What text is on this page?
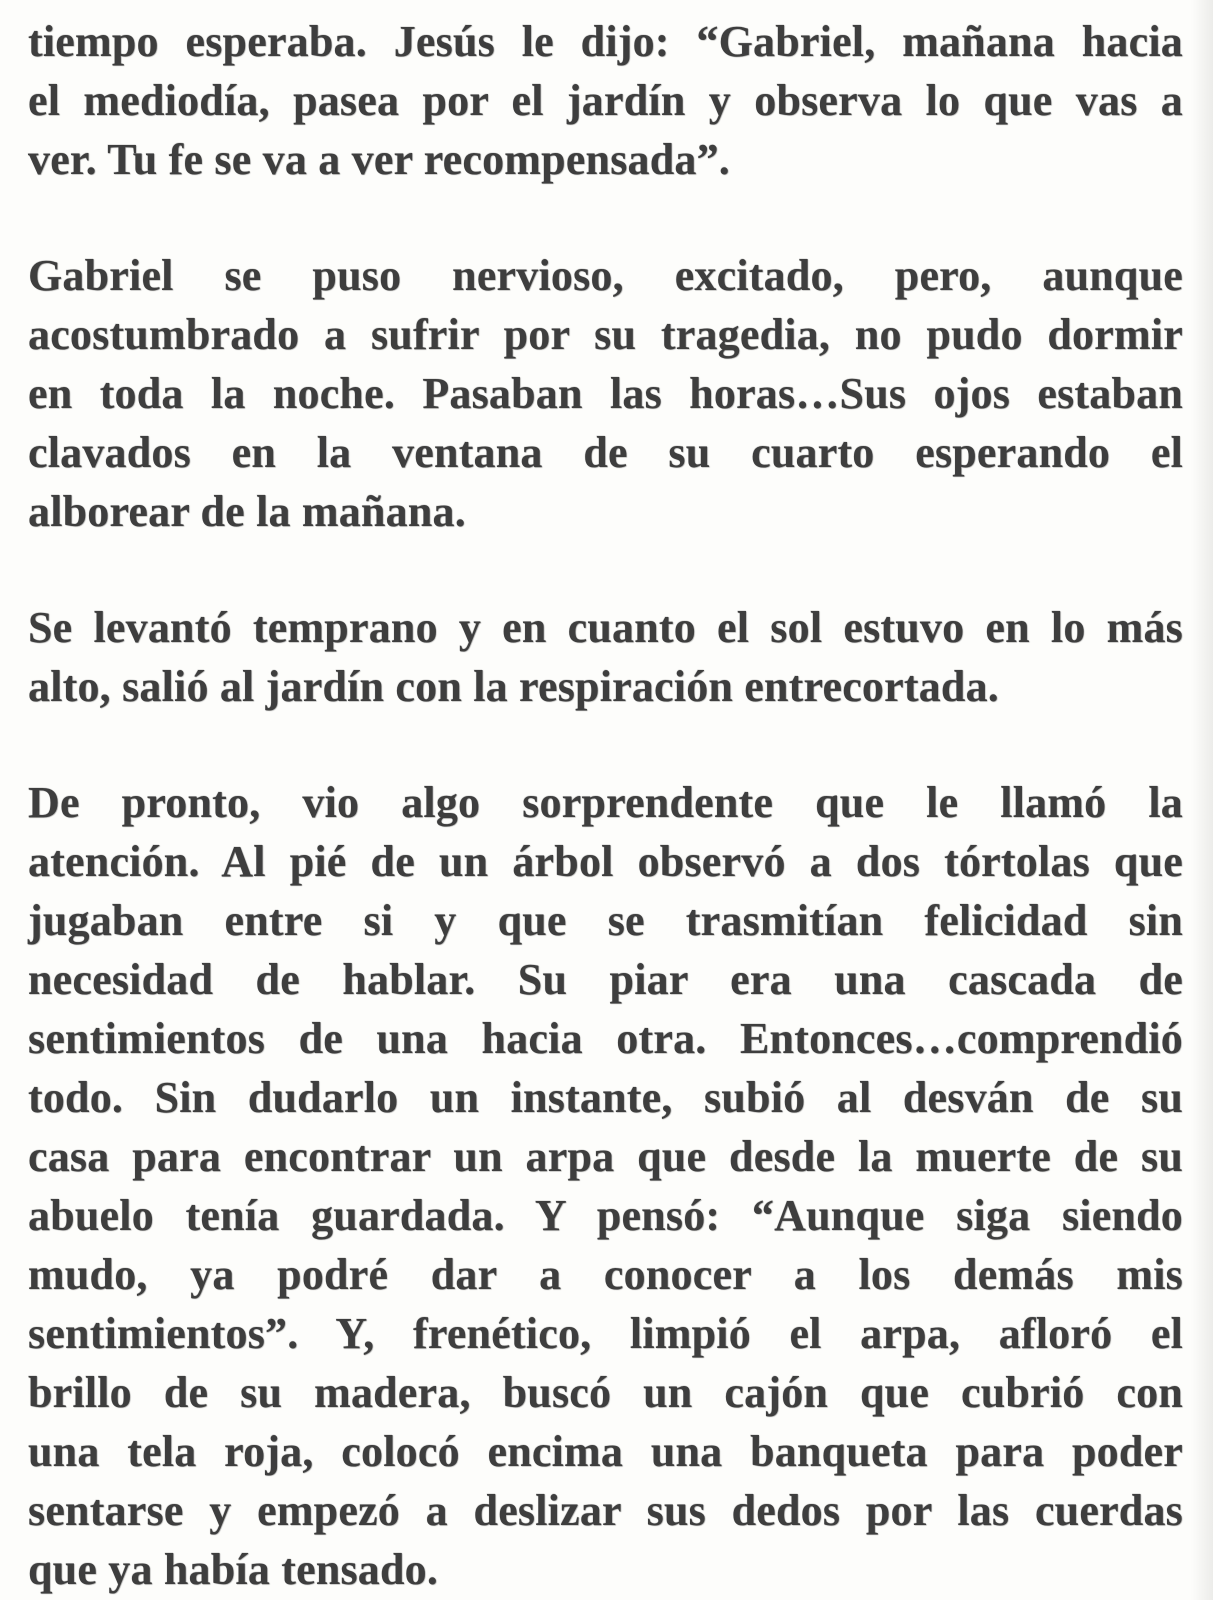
tiempo esperaba. Jesús le dijo: “Gabriel, mañana hacia
el mediodía, pasea por el jardín y observa lo que vas a
ver. Tu fe se va a ver recompensada”.
Gabriel se puso nervioso, excitado, pero, aunque
acostumbrado a sufrir por su tragedia, no pudo dormir
en toda la noche. Pasaban las horas…Sus ojos estaban
clavados en la ventana de su cuarto esperando el
alborear de la mañana.
Se levantó temprano y en cuanto el sol estuvo en lo más
alto, salió al jardín con la respiración entrecortada.
De pronto, vio algo sorprendente que le llamó la
atención. Al pié de un árbol observó a dos tórtolas que
jugaban entre si y que se trasmitían felicidad sin
necesidad de hablar. Su piar era una cascada de
sentimientos de una hacia otra. Entonces…comprendió
todo. Sin dudarlo un instante, subió al desván de su
casa para encontrar un arpa que desde la muerte de su
abuelo tenía guardada. Y pensó: “Aunque siga siendo
mudo, ya podré dar a conocer a los demás mis
sentimientos”. Y, frenético, limpió el arpa, afloró el
brillo de su madera, buscó un cajón que cubrió con
una tela roja, colocó encima una banqueta para poder
sentarse y empezó a deslizar sus dedos por las cuerdas
que ya había tensado.
